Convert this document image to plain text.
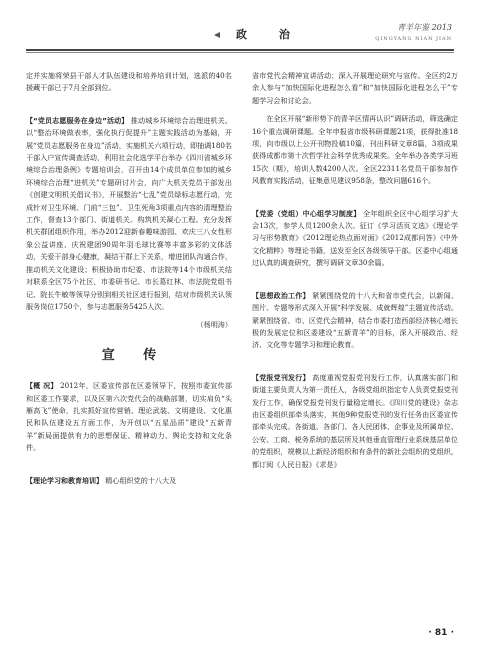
政 治
青羊年鉴 2013
QINGYANG NIAN JIAN

定并实施将荣县干部人才队伍建设和培养培训计划，选派的40名援藏干部已于7月全部到位。

【“党员志愿服务在身边”活动】 推动城乡环境综合治理进机关。以“整治环境做表率，强化执行促提升”主题实践活动为基础，开展“党员志愿服务在身边”活动，实施机关六项行动，即抽调180名干部入户宣传调查活动，利用社会化选学平台举办《四川省城乡环境综合治理条例》专题培训会，召开由14个成员单位参加的城乡环境综合治理“进机关”专题研讨片会，向广大机关党员干部发出《创建文明机关倡议书》，开展整治“七乱”党员绿标志愿行动，完成针对卫生环境、门前“三包”、卫生死角3项重点内容的清理整治工作，督查13个部门、街道机关。构筑机关凝心工程。充分发挥机关群团组织作用，举办2012迎新春趣味游园、欢庆三八女性形象公益讲座、庆祝建团90周年羽毛球比赛等丰富多彩的文体活动，关爱干部身心健康，凝结干群上下关系，增进团队沟通合作，推动机关文化建设；积极协助市纪委、市法院等14个市级机关结对联系全区75个社区，市委研书记、市长葛红林、市法院党组书记、院长牛敏等领导分别到相关社区进行报到，结对市级机关认领服务岗位1750个，参与志愿服务5425人次。

（杨明涛）

宣 传

【概 况】 2012年，区委宣传部在区委领导下，按照市委宣传部和区委工作要求，以及区第六次党代会的战略部署，切实肩负“头雁高飞”使命，扎实抓好宣传营销、理论武装、文明建设、文化惠民和队伍建设五方面工作，为开创以“五星品质”建设“五新青羊”新局面提供有力的思想保证、精神动力、舆论支持和文化条件。

【理论学习和教育培训】 精心组织党的十八大及

省市党代会精神宣讲活动；深入开展理论研究与宣传。全区约2万余人参与“加快国际化进程怎么看”和“加快国际化进程怎么干”专题学习会和讨论会。

在全区开展“新形势下的青羊区情再认识”调研活动，筛选确定16个重点调研课题。全年申报省市级科研课题21项，获得批准18项，向市级以上公开刊物投稿10篇，刊出科研文章8篇，3项成果获得成都市第十次哲学社会科学优秀成果奖。全年举办各类学习班15次（期），培训人数4200人次。全区22311名党员干部参加作风教育实践活动，征集意见建议958条，整改问题616个。

【党委（党组）中心组学习制度】 全年组织全区中心组学习扩大会13次，参学人员1200余人次。征订《学习活页文选》《理论学习与形势教育》《2012理论热点面对面》《2012成都问答》《中外文化精粹》等理论书籍，送发至全区各级领导干部。区委中心组通过认真的调查研究，撰写调研文章30余篇。

【思想政治工作】 紧紧围绕党的十八大和省市党代会，以新闻、图片、专题等形式深入开展“科学发展、成就辉煌”主题宣传活动。紧紧围绕省、市、区党代会精神，结合市委打造西部经济核心增长极的发展定位和区委建设“五新青羊”的目标，深入开展政治、经济、文化等专题学习和理论教育。

【党报党刊发行】 高度重视党报党刊发行工作，认真落实部门和街道主要负责人为第一责任人，各级党组织指定专人负责党报党刊发行工作，确保党报党刊发行量稳定增长。《四川党的建设》杂志由区委组织部牵头落实，其他9种党报党刊的发行任务由区委宣传部牵头完成。各街道、各部门、各人民团体、企事业及所属单位、公安、工商、税务系统的基层所及其他垂直管理行业系统基层单位的党组织，规模以上新经济组织和有条件的新社会组织的党组织，都订阅《人民日报》《求是》

· 81 ·
